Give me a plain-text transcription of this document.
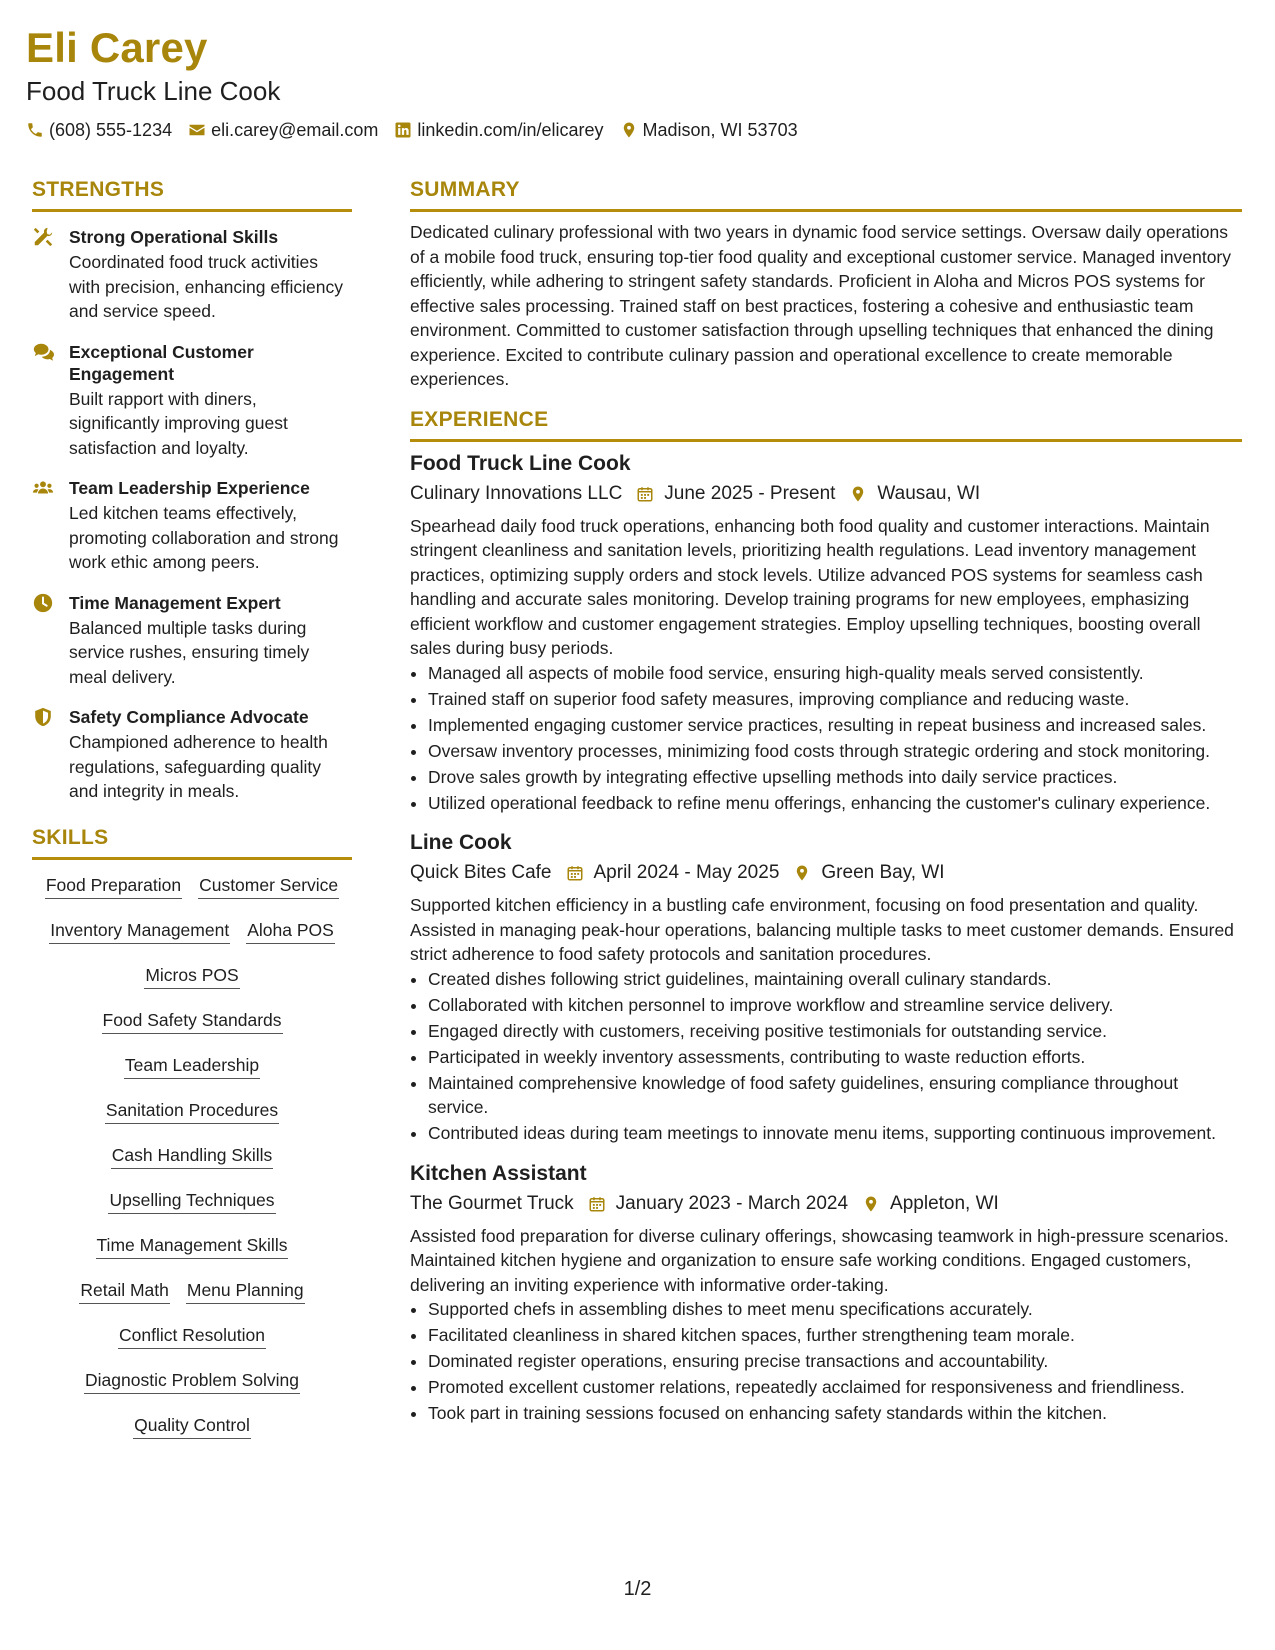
Eli Carey
Food Truck Line Cook
(608) 555-1234 eli.carey@email.com linkedin.com/in/elicarey Madison, WI 53703
STRENGTHS
Strong Operational Skills
Coordinated food truck activities with precision, enhancing efficiency and service speed.
Exceptional Customer Engagement
Built rapport with diners, significantly improving guest satisfaction and loyalty.
Team Leadership Experience
Led kitchen teams effectively, promoting collaboration and strong work ethic among peers.
Time Management Expert
Balanced multiple tasks during service rushes, ensuring timely meal delivery.
Safety Compliance Advocate
Championed adherence to health regulations, safeguarding quality and integrity in meals.
SKILLS
Food Preparation Customer Service
Inventory Management Aloha POS
Micros POS
Food Safety Standards
Team Leadership
Sanitation Procedures
Cash Handling Skills
Upselling Techniques
Time Management Skills
Retail Math Menu Planning
Conflict Resolution
Diagnostic Problem Solving
Quality Control
SUMMARY
Dedicated culinary professional with two years in dynamic food service settings. Oversaw daily operations of a mobile food truck, ensuring top-tier food quality and exceptional customer service. Managed inventory efficiently, while adhering to stringent safety standards. Proficient in Aloha and Micros POS systems for effective sales processing. Trained staff on best practices, fostering a cohesive and enthusiastic team environment. Committed to customer satisfaction through upselling techniques that enhanced the dining experience. Excited to contribute culinary passion and operational excellence to create memorable experiences.
EXPERIENCE
Food Truck Line Cook
Culinary Innovations LLC June 2025 - Present Wausau, WI
Spearhead daily food truck operations, enhancing both food quality and customer interactions. Maintain stringent cleanliness and sanitation levels, prioritizing health regulations. Lead inventory management practices, optimizing supply orders and stock levels. Utilize advanced POS systems for seamless cash handling and accurate sales monitoring. Develop training programs for new employees, emphasizing efficient workflow and customer engagement strategies. Employ upselling techniques, boosting overall sales during busy periods.
• Managed all aspects of mobile food service, ensuring high-quality meals served consistently.
• Trained staff on superior food safety measures, improving compliance and reducing waste.
• Implemented engaging customer service practices, resulting in repeat business and increased sales.
• Oversaw inventory processes, minimizing food costs through strategic ordering and stock monitoring.
• Drove sales growth by integrating effective upselling methods into daily service practices.
• Utilized operational feedback to refine menu offerings, enhancing the customer's culinary experience.
Line Cook
Quick Bites Cafe April 2024 - May 2025 Green Bay, WI
Supported kitchen efficiency in a bustling cafe environment, focusing on food presentation and quality. Assisted in managing peak-hour operations, balancing multiple tasks to meet customer demands. Ensured strict adherence to food safety protocols and sanitation procedures.
• Created dishes following strict guidelines, maintaining overall culinary standards.
• Collaborated with kitchen personnel to improve workflow and streamline service delivery.
• Engaged directly with customers, receiving positive testimonials for outstanding service.
• Participated in weekly inventory assessments, contributing to waste reduction efforts.
• Maintained comprehensive knowledge of food safety guidelines, ensuring compliance throughout service.
• Contributed ideas during team meetings to innovate menu items, supporting continuous improvement.
Kitchen Assistant
The Gourmet Truck January 2023 - March 2024 Appleton, WI
Assisted food preparation for diverse culinary offerings, showcasing teamwork in high-pressure scenarios. Maintained kitchen hygiene and organization to ensure safe working conditions. Engaged customers, delivering an inviting experience with informative order-taking.
• Supported chefs in assembling dishes to meet menu specifications accurately.
• Facilitated cleanliness in shared kitchen spaces, further strengthening team morale.
• Dominated register operations, ensuring precise transactions and accountability.
• Promoted excellent customer relations, repeatedly acclaimed for responsiveness and friendliness.
• Took part in training sessions focused on enhancing safety standards within the kitchen.
1/2
